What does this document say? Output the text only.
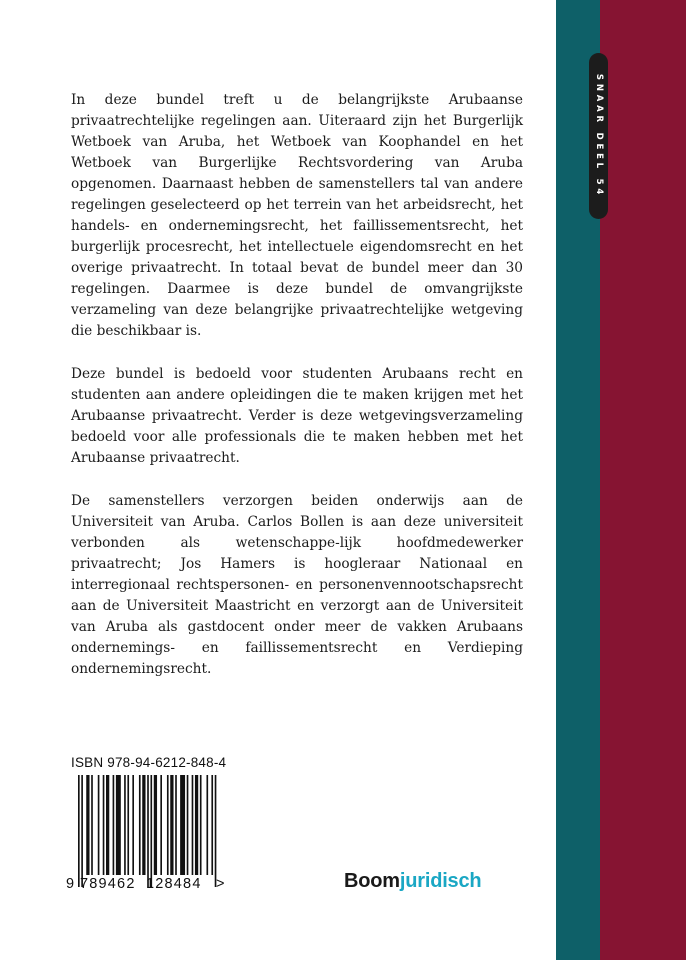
SNAAR DEEL 54

In deze bundel treft u de belangrijkste Arubaanse privaatrechtelijke regelingen aan. Uiteraard zijn het Burgerlijk Wetboek van Aruba, het Wetboek van Koophandel en het Wetboek van Burgerlijke Rechtsvordering van Aruba opgenomen. Daarnaast hebben de samenstellers tal van andere regelingen geselecteerd op het terrein van het arbeidsrecht, het handels- en ondernemingsrecht, het faillissementsrecht, het burgerlijk procesrecht, het intellectuele eigendomsrecht en het overige privaatrecht. In totaal bevat de bundel meer dan 30 regelingen. Daarmee is deze bundel de omvangrijkste verzameling van deze belangrijke privaatrechtelijke wetgeving die beschikbaar is.

Deze bundel is bedoeld voor studenten Arubaans recht en studenten aan andere opleidingen die te maken krijgen met het Arubaanse privaatrecht. Verder is deze wetgevingsverzameling bedoeld voor alle professionals die te maken hebben met het Arubaanse privaatrecht.

De samenstellers verzorgen beiden onderwijs aan de Universiteit van Aruba. Carlos Bollen is aan deze universiteit verbonden als wetenschappe-lijk hoofdmedewerker privaatrecht; Jos Hamers is hoogleraar Nationaal en interregionaal rechtspersonen- en personenvennootschapsrecht aan de Universiteit Maastricht en verzorgt aan de Universiteit van Aruba als gastdocent onder meer de vakken Arubaans ondernemings- en faillissementsrecht en Verdieping ondernemingsrecht.

ISBN 978-94-6212-848-4
9 789462 128484 >	Boomjuridisch
